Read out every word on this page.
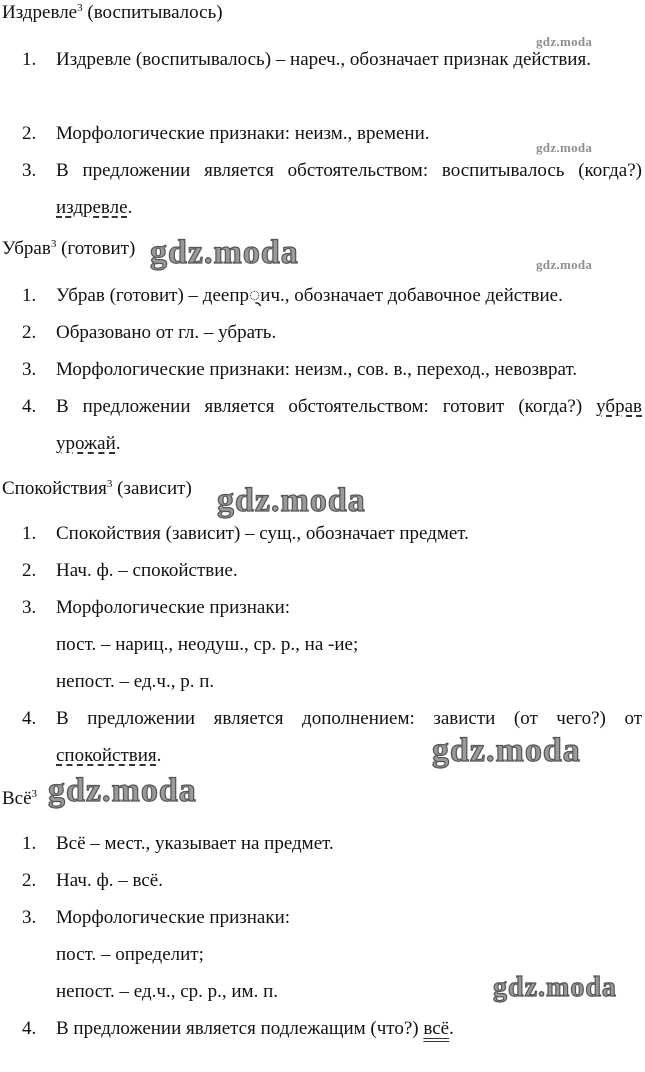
Издревле$^3$ (воспитывалось)
1.	Издревле (воспитывалось) – нареч., обозначает признак действия.
2.	Морфологические признаки: неизм., времени.
3.	В предложении является обстоятельством: воспитывалось (когда?) издревле.
Убрав$^3$ (готовит)
1.	Убрав (готовит) – деепр्ич., обозначает добавочное действие.
2.	Образовано от гл. – убрать.
3.	Морфологические признаки: неизм., сов. в., переход., невозврат.
4.	В предложении является обстоятельством: готовит (когда?) убрав урожай.
Спокойствия$^3$ (зависит)
1.	Спокойствия (зависит) – сущ., обозначает предмет.
2.	Нач. ф. – спокойствие.
3.	Морфологические признаки:
пост. – нариц., неодуш., ср. р., на -ие;
непост. – ед.ч., р. п.
4.	В предложении является дополнением: зависти (от чего?) от спокойствия.
Всё$^3$
1.	Всё – мест., указывает на предмет.
2.	Нач. ф. – всё.
3.	Морфологические признаки:
пост. – определит;
непост. – ед.ч., ср. р., им. п.
4.	В предложении является подлежащим (что?) всё.
gdz.moda
gdz.moda
gdz.moda
gdz.moda
gdz.moda
gdz.moda
gdz.moda
gdz.moda
